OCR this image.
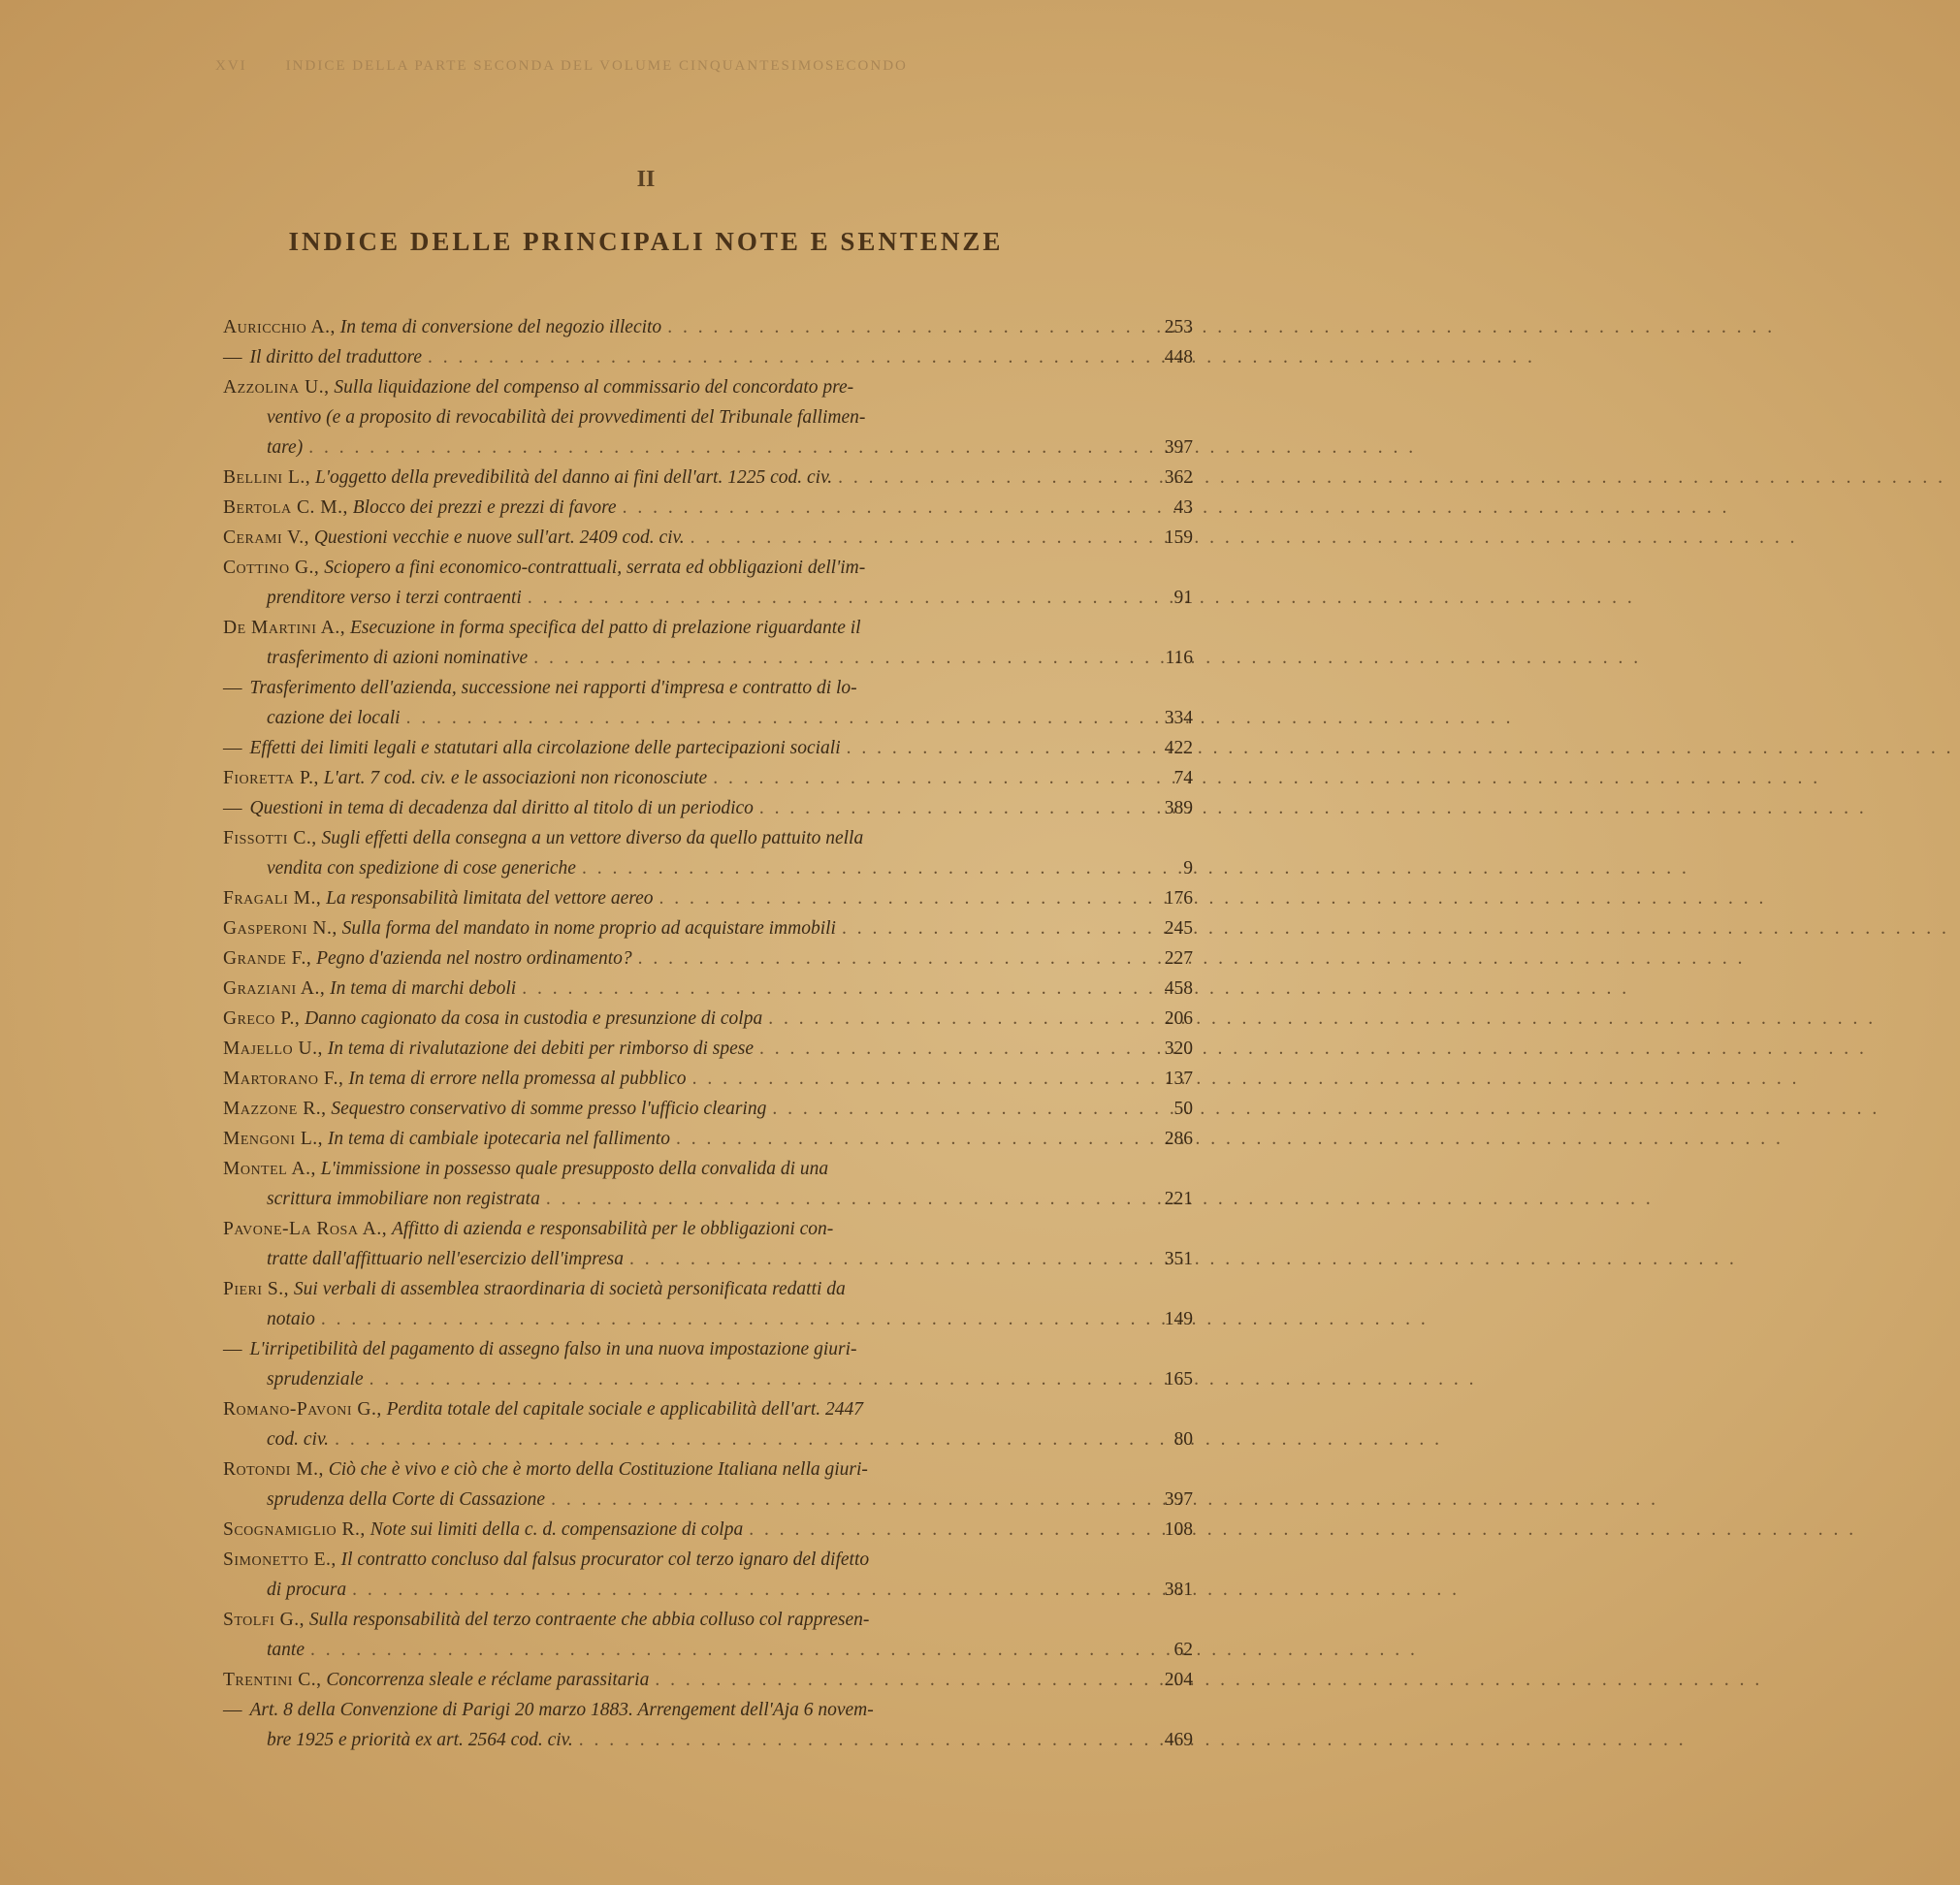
XVI	INDICE DELLA PARTE SECONDA DEL VOLUME CINQUANTESIMOSECONDO
II
INDICE DELLE PRINCIPALI NOTE E SENTENZE
Auricchio A., In tema di conversione del negozio illecito . . .	253
— Il diritto del traduttore . . .	448
Azzolina U., Sulla liquidazione del compenso al commissario del concordato pre-
ventivo (e a proposito di revocabilità dei provvedimenti del Tribunale fallimen-
tare) . . .	397
Bellini L., L'oggetto della prevedibilità del danno ai fini dell'art. 1225 cod. civ. . . .	362
Bertola C. M., Blocco dei prezzi e prezzi di favore . . .	43
Cerami V., Questioni vecchie e nuove sull'art. 2409 cod. civ. . . .	159
Cottino G., Sciopero a fini economico-contrattuali, serrata ed obbligazioni dell'im-
prenditore verso i terzi contraenti . . .	91
De Martini A., Esecuzione in forma specifica del patto di prelazione riguardante il
trasferimento di azioni nominative . . .	116
— Trasferimento dell'azienda, successione nei rapporti d'impresa e contratto di lo-
cazione dei locali . . .	334
— Effetti dei limiti legali e statutari alla circolazione delle partecipazioni sociali . . .	422
Fioretta P., L'art. 7 cod. civ. e le associazioni non riconosciute . . .	74
— Questioni in tema di decadenza dal diritto al titolo di un periodico . . .	389
Fissotti C., Sugli effetti della consegna a un vettore diverso da quello pattuito nella
vendita con spedizione di cose generiche . . .	9
Fragali M., La responsabilità limitata del vettore aereo . . .	176
Gasperoni N., Sulla forma del mandato in nome proprio ad acquistare immobili . . .	245
Grande F., Pegno d'azienda nel nostro ordinamento? . . .	227
Graziani A., In tema di marchi deboli . . .	458
Greco P., Danno cagionato da cosa in custodia e presunzione di colpa . . .	206
Majello U., In tema di rivalutazione dei debiti per rimborso di spese . . .	320
Martorano F., In tema di errore nella promessa al pubblico . . .	137
Mazzone R., Sequestro conservativo di somme presso l'ufficio clearing . . .	50
Mengoni L., In tema di cambiale ipotecaria nel fallimento . . .	286
Montel A., L'immissione in possesso quale presupposto della convalida di una
scrittura immobiliare non registrata . . .	221
Pavone-La Rosa A., Affitto di azienda e responsabilità per le obbligazioni con-
tratte dall'affittuario nell'esercizio dell'impresa . . .	351
Pieri S., Sui verbali di assemblea straordinaria di società personificata redatti da
notaio . . .	149
— L'irripetibilità del pagamento di assegno falso in una nuova impostazione giuri-
sprudenziale . . .	165
Romano-Pavoni G., Perdita totale del capitale sociale e applicabilità dell'art. 2447
cod. civ. . . .	80
Rotondi M., Ciò che è vivo e ciò che è morto della Costituzione Italiana nella giuri-
sprudenza della Corte di Cassazione . . .	397
Scognamiglio R., Note sui limiti della c. d. compensazione di colpa . . .	108
Simonetto E., Il contratto concluso dal falsus procurator col terzo ignaro del difetto
di procura . . .	381
Stolfi G., Sulla responsabilità del terzo contraente che abbia colluso col rappresen-
tante . . .	62
Trentini C., Concorrenza sleale e réclame parassitaria . . .	204
— Art. 8 della Convenzione di Parigi 20 marzo 1883. Arrengement dell'Aja 6 novem-
bre 1925 e priorità ex art. 2564 cod. civ. . . .	469
